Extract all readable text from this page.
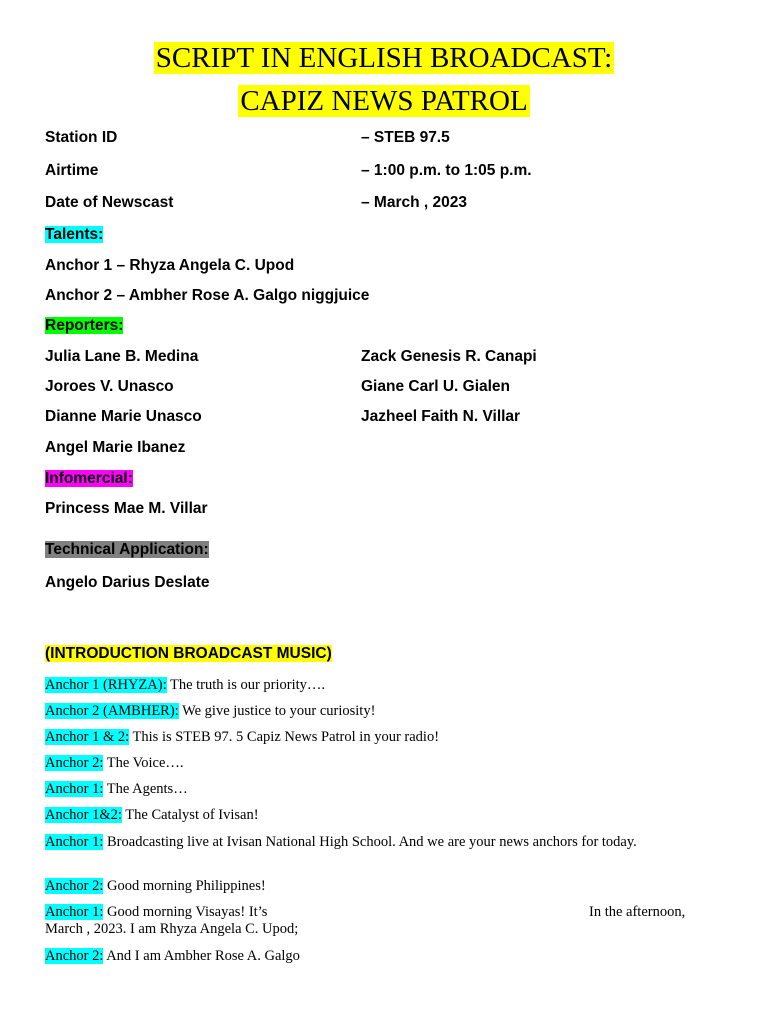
SCRIPT IN ENGLISH BROADCAST:
CAPIZ NEWS PATROL
Station ID	– STEB 97.5
Airtime	– 1:00 p.m. to 1:05 p.m.
Date of Newscast	– March , 2023
Talents:
Anchor 1 – Rhyza Angela C. Upod
Anchor 2 – Ambher Rose A. Galgo niggjuice
Reporters:
Julia Lane B. Medina	Zack Genesis R. Canapi
Joroes V. Unasco	Giane Carl U. Gialen
Dianne Marie Unasco	Jazheel Faith N. Villar
Angel Marie Ibanez
Infomercial:
Princess Mae M. Villar
Technical Application:
Angelo Darius Deslate
(INTRODUCTION BROADCAST MUSIC)
Anchor 1 (RHYZA): The truth is our priority….
Anchor 2 (AMBHER): We give justice to your curiosity!
Anchor 1 & 2: This is STEB 97. 5 Capiz News Patrol in your radio!
Anchor 2: The Voice….
Anchor 1: The Agents…
Anchor 1&2: The Catalyst of Ivisan!
Anchor 1: Broadcasting live at Ivisan National High School. And we are your news anchors for today.
Anchor 2: Good morning Philippines!
Anchor 1: Good morning Visayas! It’s	In the afternoon,

March , 2023. I am Rhyza Angela C. Upod;
Anchor 2: And I am Ambher Rose A. Galgo
